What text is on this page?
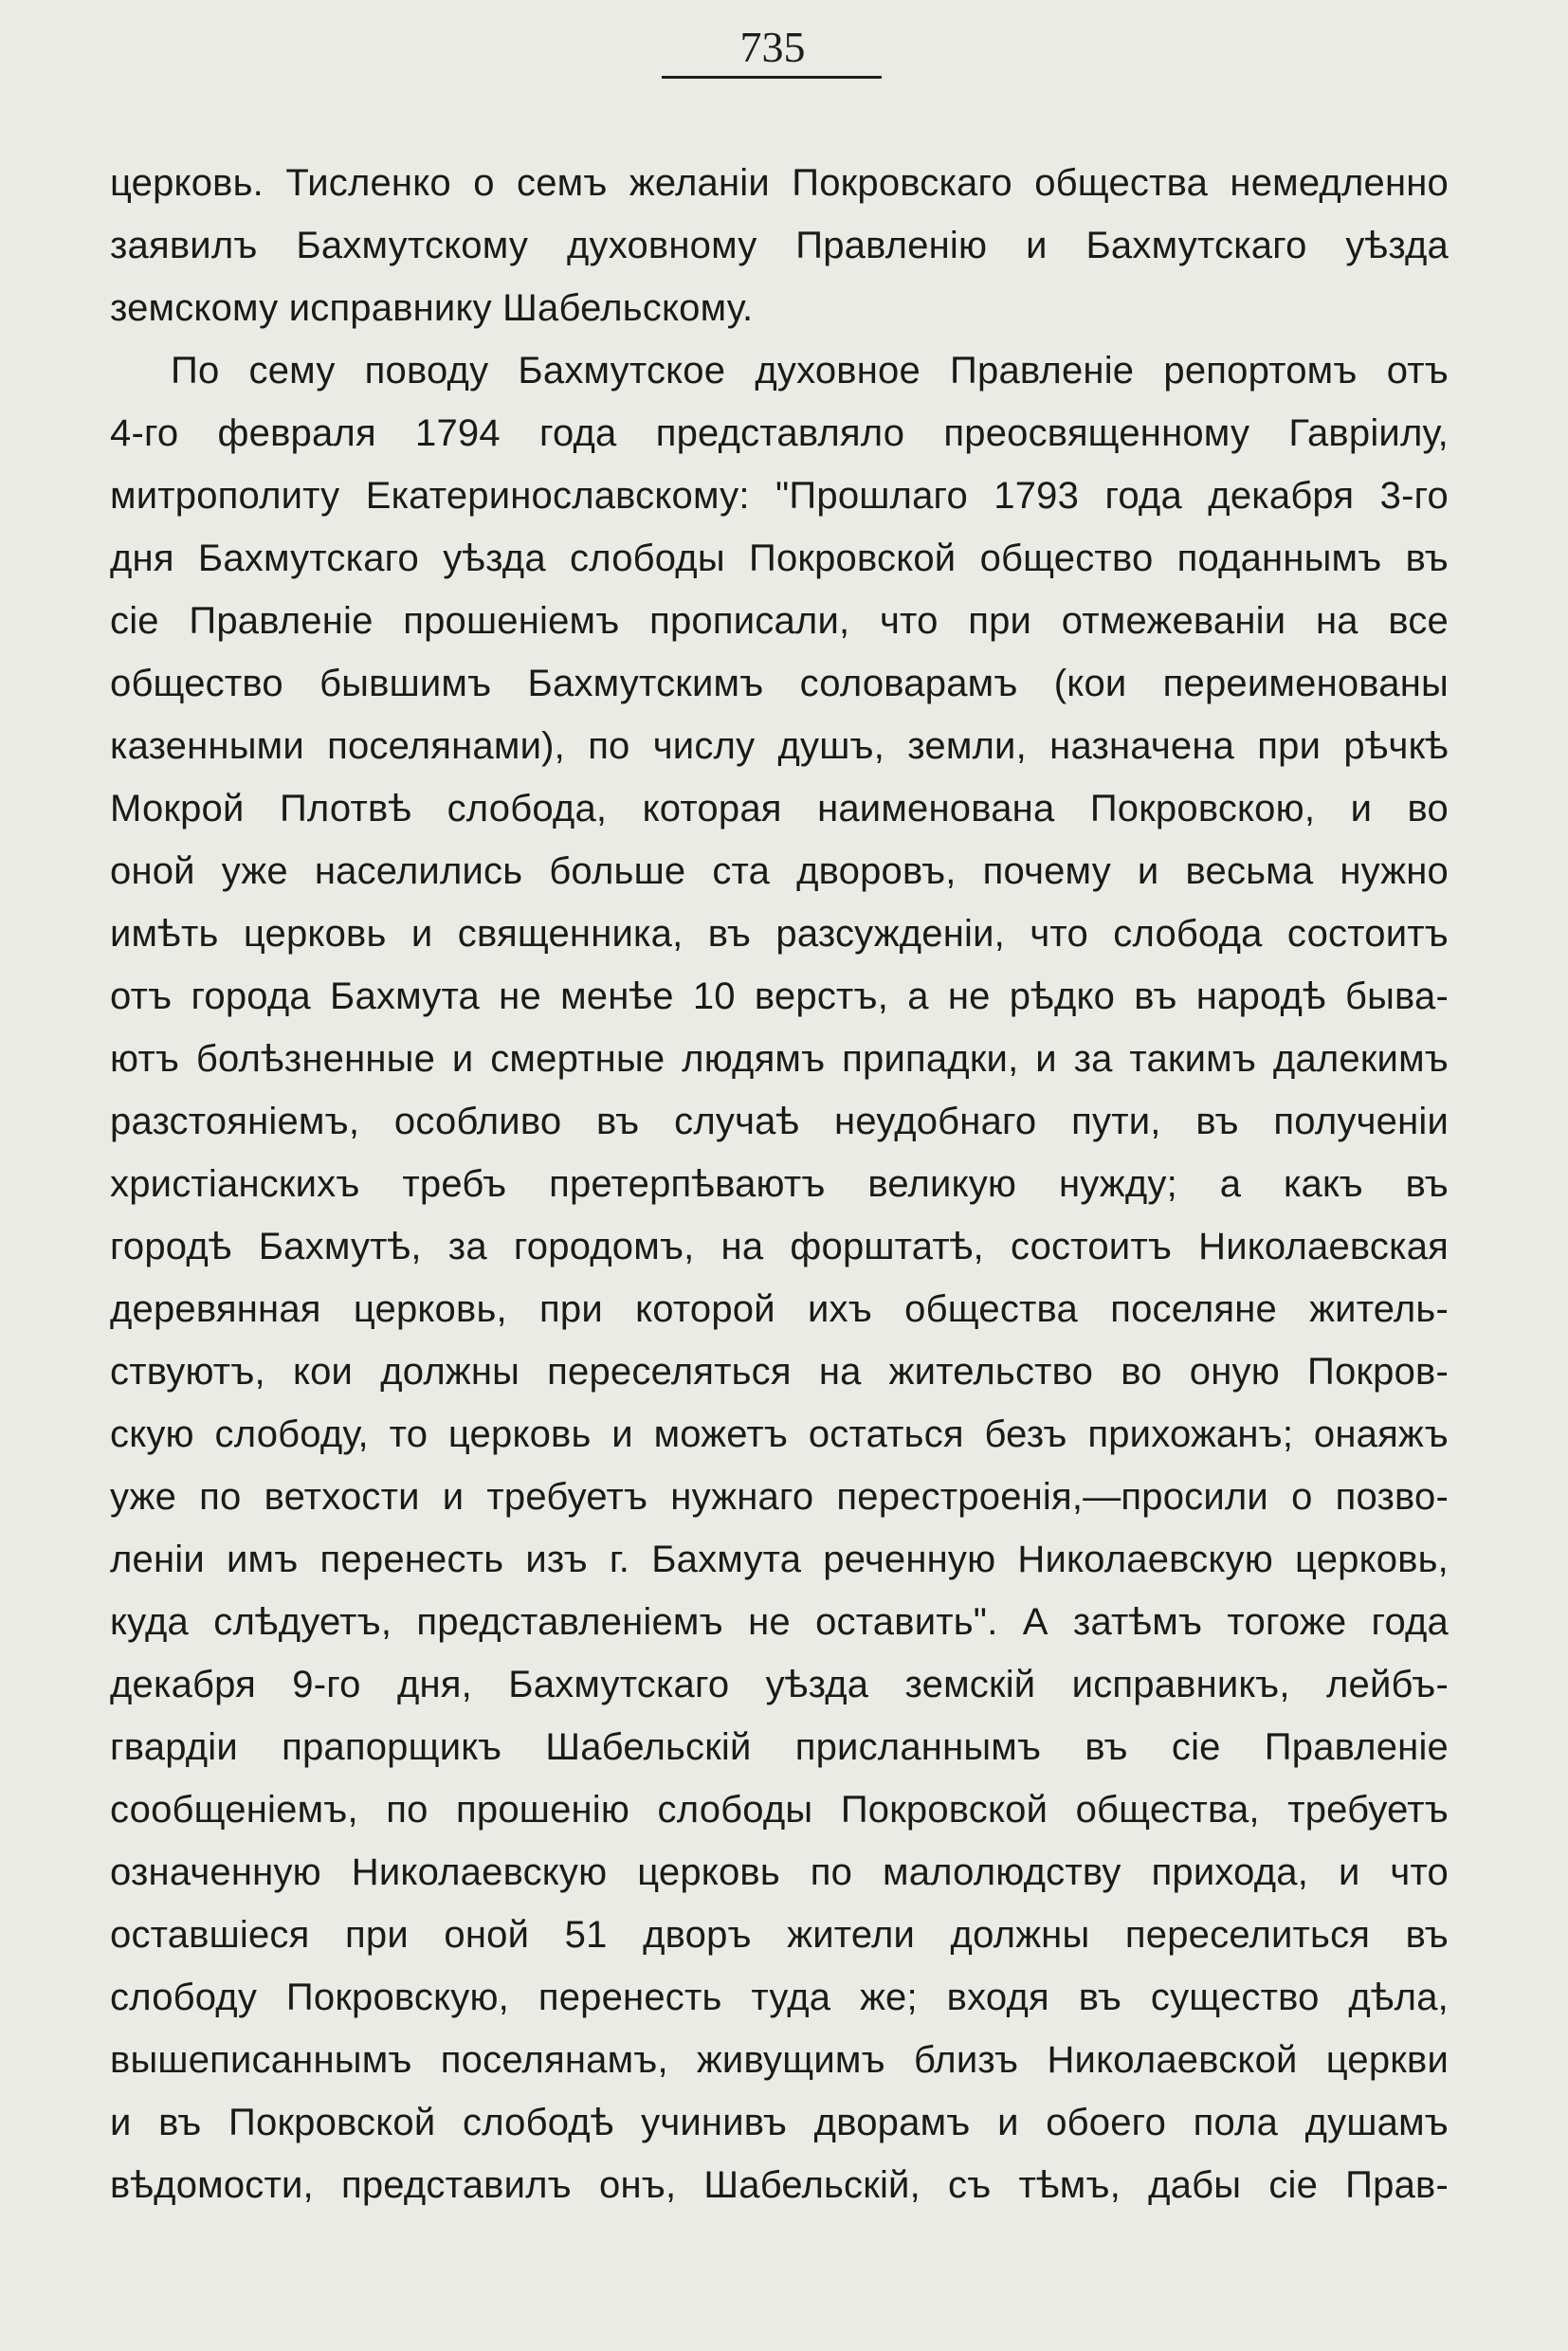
735
церковь. Тисленко о семъ желанiи Покровскаго общества немедленно
заявилъ Бахмутскому духовному Правленiю и Бахмутскаго уѣзда
земскому исправнику Шабельскому.
По сему поводу Бахмутское духовное Правленiе репортомъ отъ
4-го февраля 1794 года представляло преосвященному Гавріилу,
митрополиту Екатеринославскому: "Прошлаго 1793 года декабря 3-го
дня Бахмутскаго уѣзда слободы Покровской общество поданнымъ въ
сiе Правленiе прошенiемъ прописали, что при отмежеванiи на все
общество бывшимъ Бахмутскимъ соловарамъ (кои переименованы
казенными поселянами), по числу душъ, земли, назначена при рѣчкѣ
Мокрой Плотвѣ слобода, которая наименована Покровскою, и во
оной уже населились больше ста дворовъ, почему и весьма нужно
имѣть церковь и священника, въ разсужденiи, что слобода состоитъ
отъ города Бахмута не менѣе 10 верстъ, а не рѣдко въ народѣ быва-
ютъ болѣзненные и смертные людямъ припадки, и за такимъ далекимъ
разстоянiемъ, особливо въ случаѣ неудобнаго пути, въ полученiи
христiанскихъ требъ претерпѣваютъ великую нужду; а какъ въ
городѣ Бахмутѣ, за городомъ, на форштатѣ, состоитъ Николаевская
деревянная церковь, при которой ихъ общества поселяне житель-
ствуютъ, кои должны переселяться на жительство во оную Покров-
скую слободу, то церковь и можетъ остаться безъ прихожанъ; онаяжъ
уже по ветхости и требуетъ нужнаго перестроенiя,—просили о позво-
ленiи имъ перенесть изъ г. Бахмута реченную Николаевскую церковь,
куда слѣдуетъ, представленiемъ не оставить". А затѣмъ тогоже года
декабря 9-го дня, Бахмутскаго уѣзда земскiй исправникъ, лейбъ-
гвардiи прапорщикъ Шабельскiй присланнымъ въ сiе Правленiе
сообщенiемъ, по прошенiю слободы Покровской общества, требуетъ
означенную Николаевскую церковь по малолюдству прихода, и что
оставшiеся при оной 51 дворъ жители должны переселиться въ
слободу Покровскую, перенесть туда же; входя въ существо дѣла,
вышеписаннымъ поселянамъ, живущимъ близъ Николаевской церкви
и въ Покровской слободѣ учинивъ дворамъ и обоего пола душамъ
вѣдомости, представилъ онъ, Шабельскiй, съ тѣмъ, дабы сiе Прав-
